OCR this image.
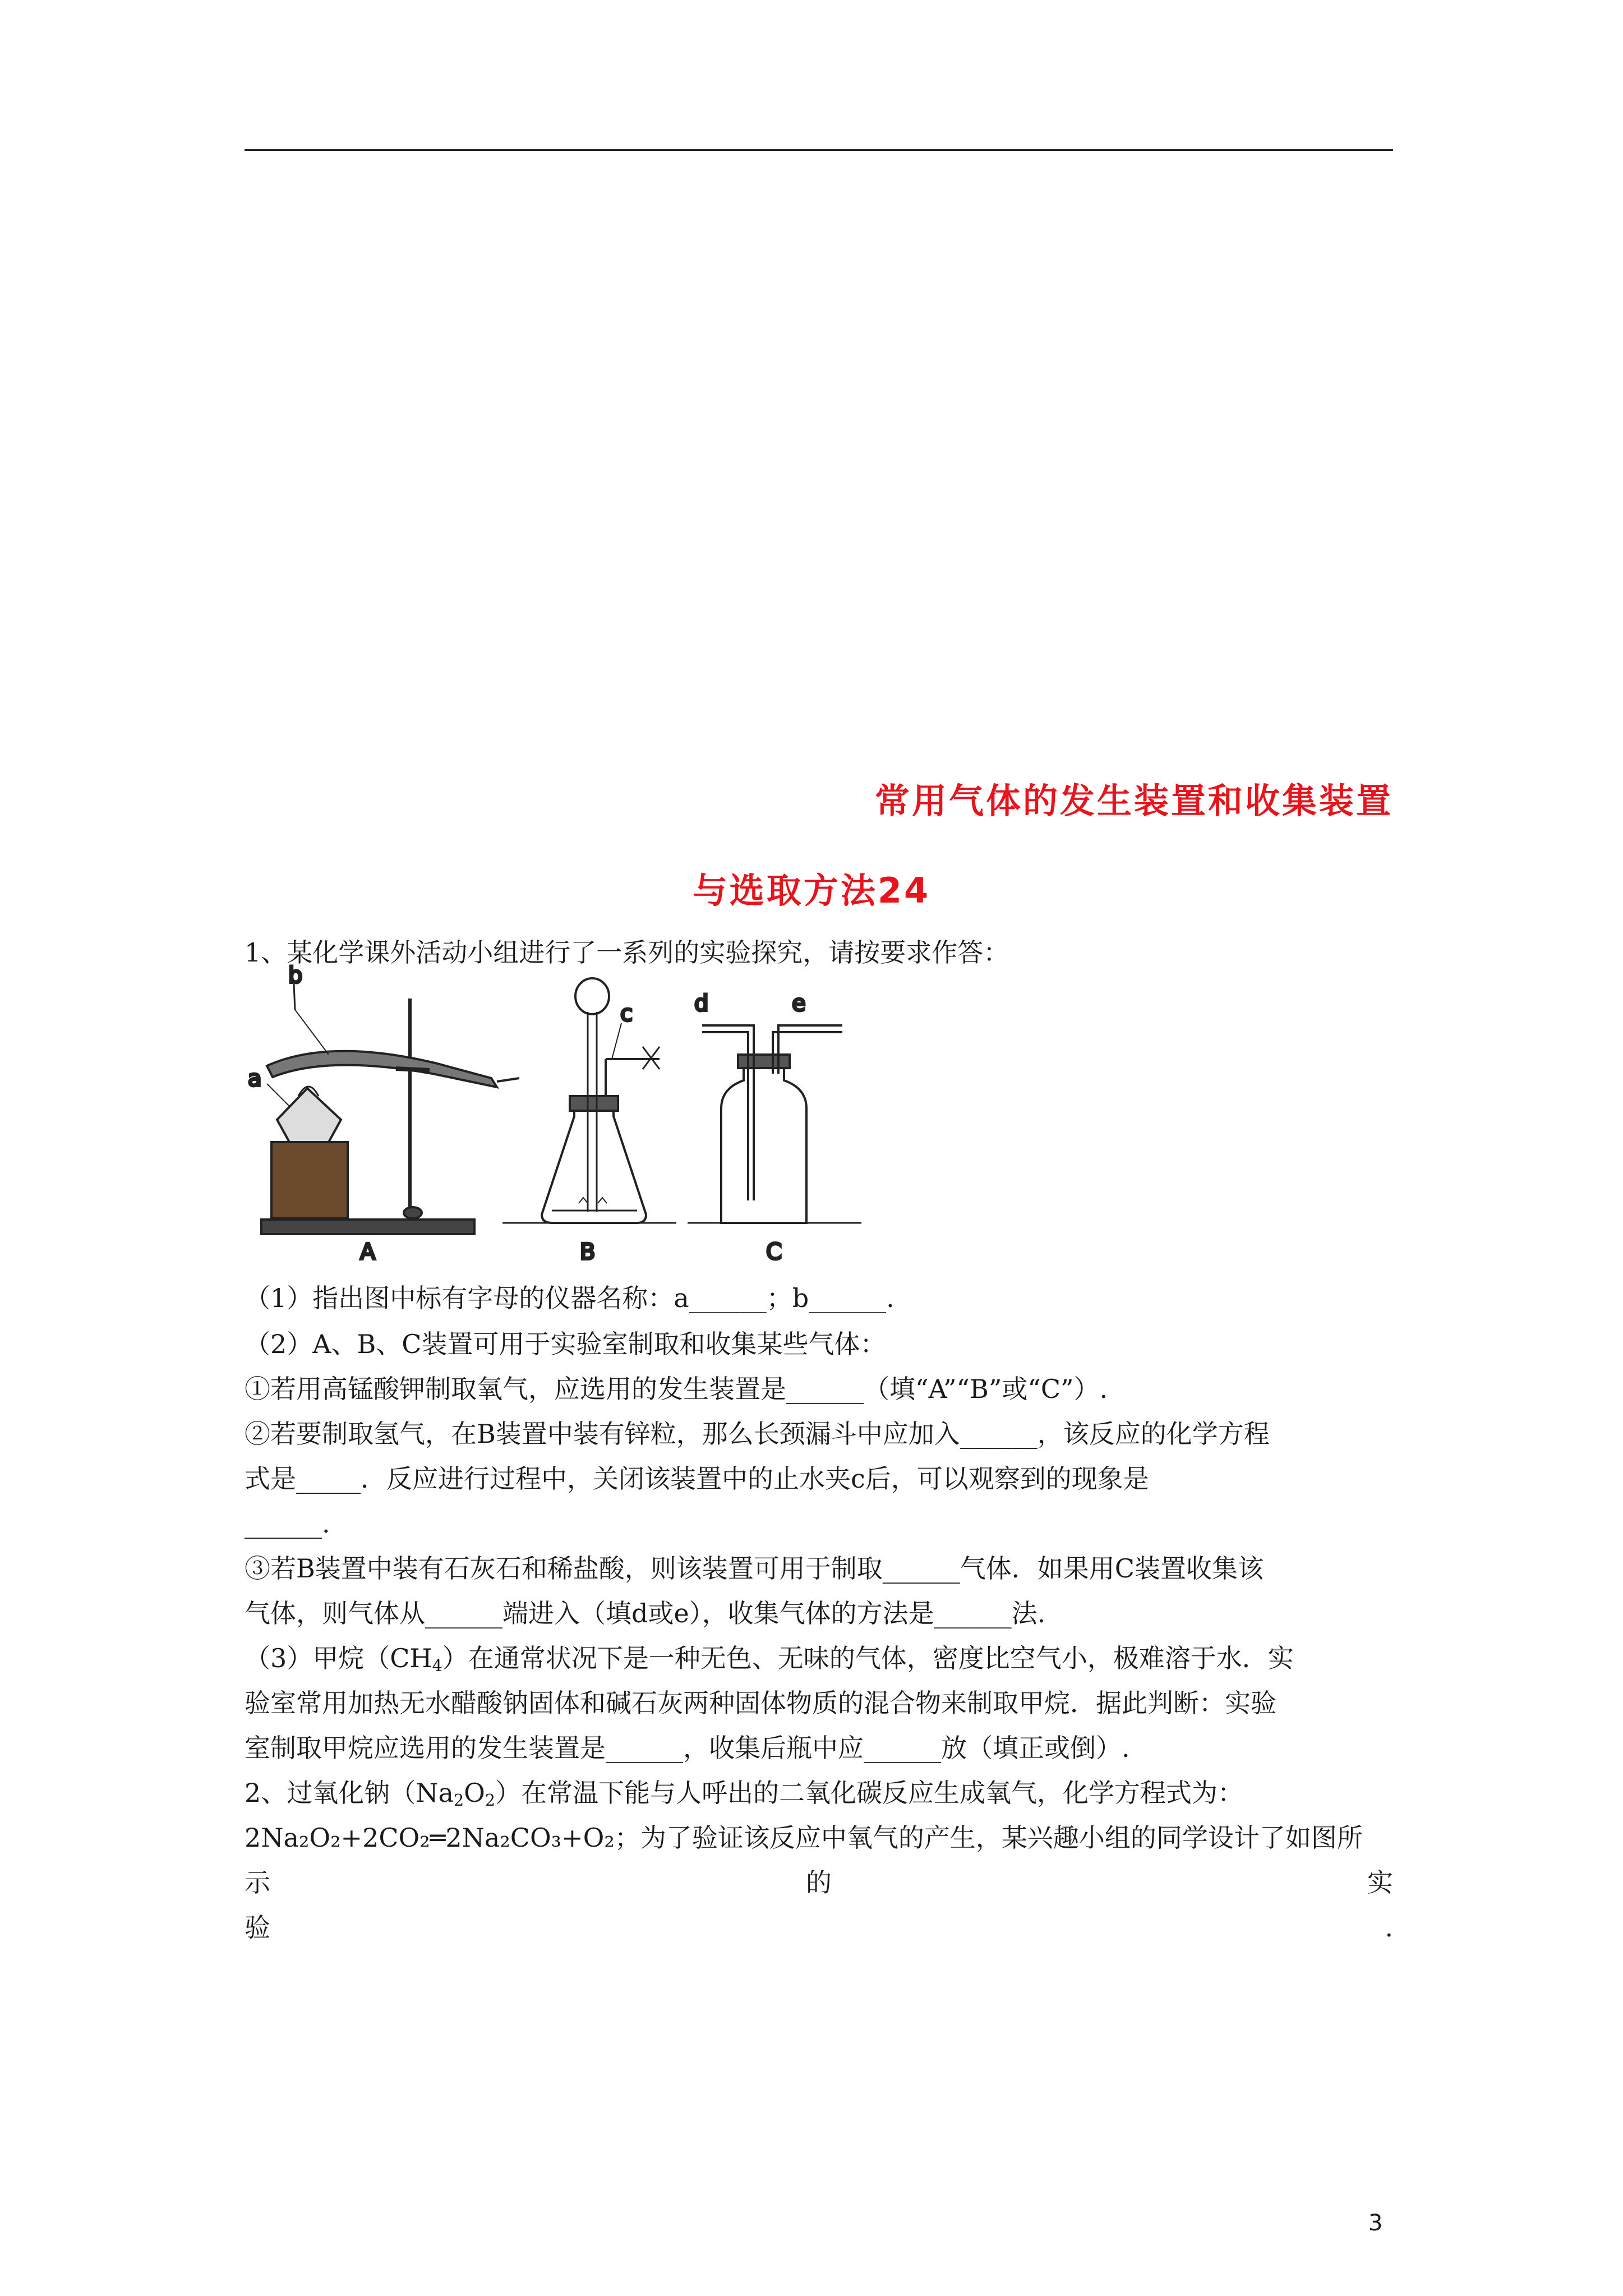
常用气体的发生装置和收集装置
与选取方法24
1、某化学课外活动小组进行了一系列的实验探究，请按要求作答：
b
a
A
c
B
d	e
C
（1）指出图中标有字母的仪器名称：a______；b______.
（2）A、B、C装置可用于实验室制取和收集某些气体：
①若用高锰酸钾制取氧气，应选用的发生装置是______（填“A”“B”或“C”）.
②若要制取氢气，在B装置中装有锌粒，那么长颈漏斗中应加入______，该反应的化学方程
式是_____．反应进行过程中，关闭该装置中的止水夹c后，可以观察到的现象是
______.
③若B装置中装有石灰石和稀盐酸，则该装置可用于制取______气体．如果用C装置收集该
气体，则气体从______端进入（填d或e），收集气体的方法是______法.
（3）甲烷$(CH_4)$在通常状况下是一种无色、无味的气体，密度比空气小，极难溶于水．实
验室常用加热无水醋酸钠固体和碱石灰两种固体物质的混合物来制取甲烷．据此判断：实验
室制取甲烷应选用的发生装置是______，收集后瓶中应______放（填正或倒）.
2、过氧化钠$(Na_2O_2)$在常温下能与人呼出的二氧化碳反应生成氧气，化学方程式为：
2Na₂O₂+2CO₂═2Na₂CO₃+O₂；为了验证该反应中氧气的产生，某兴趣小组的同学设计了如图所
示	的	实
验	.
3
